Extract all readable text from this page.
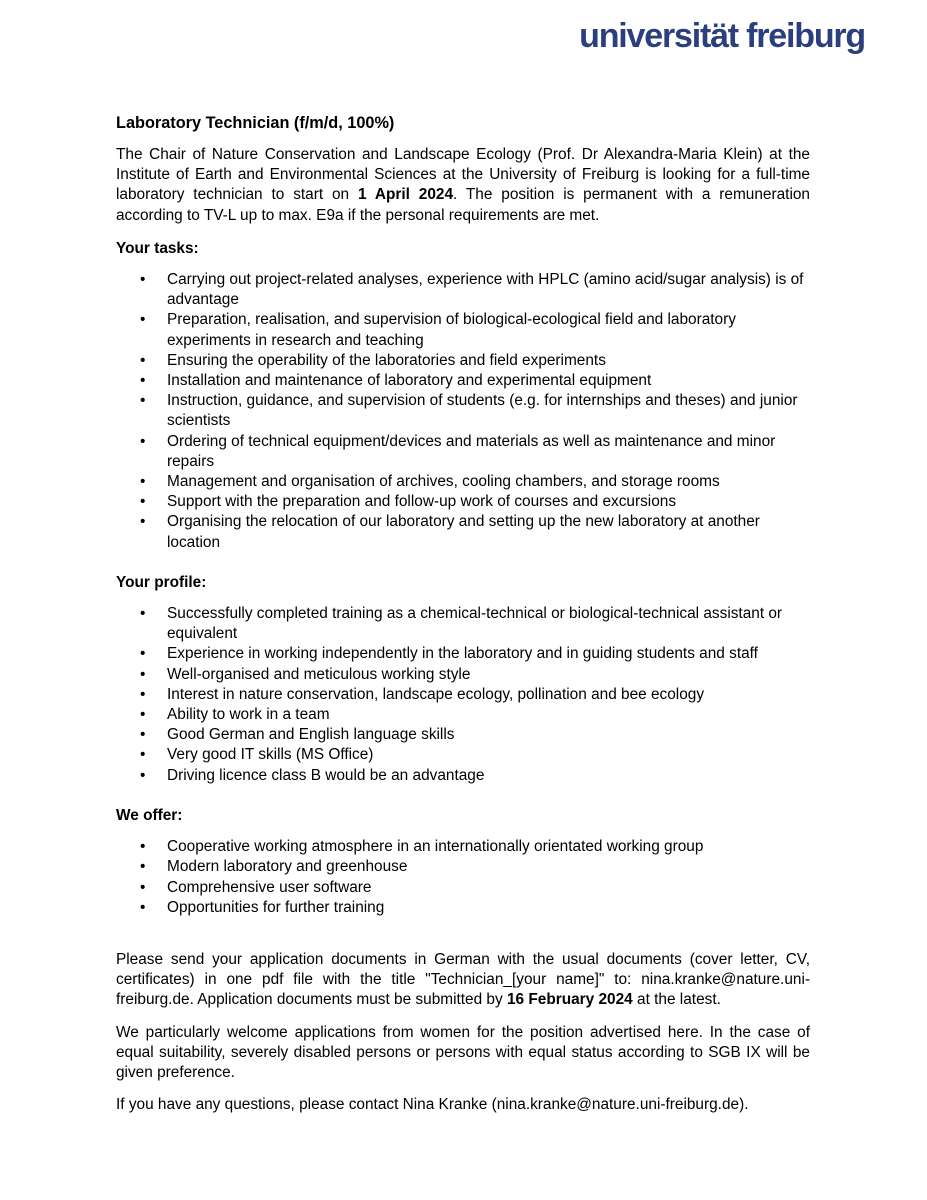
universität freiburg
Laboratory Technician (f/m/d, 100%)

The Chair of Nature Conservation and Landscape Ecology (Prof. Dr Alexandra-Maria Klein) at the Institute of Earth and Environmental Sciences at the University of Freiburg is looking for a full-time laboratory technician to start on 1 April 2024. The position is permanent with a remuneration according to TV-L up to max. E9a if the personal requirements are met.

Your tasks:
• Carrying out project-related analyses, experience with HPLC (amino acid/sugar analysis) is of advantage
• Preparation, realisation, and supervision of biological-ecological field and laboratory experiments in research and teaching
• Ensuring the operability of the laboratories and field experiments
• Installation and maintenance of laboratory and experimental equipment
• Instruction, guidance, and supervision of students (e.g. for internships and theses) and junior scientists
• Ordering of technical equipment/devices and materials as well as maintenance and minor repairs
• Management and organisation of archives, cooling chambers, and storage rooms
• Support with the preparation and follow-up work of courses and excursions
• Organising the relocation of our laboratory and setting up the new laboratory at another location
Your profile:
• Successfully completed training as a chemical-technical or biological-technical assistant or equivalent
• Experience in working independently in the laboratory and in guiding students and staff
• Well-organised and meticulous working style
• Interest in nature conservation, landscape ecology, pollination and bee ecology
• Ability to work in a team
• Good German and English language skills
• Very good IT skills (MS Office)
• Driving licence class B would be an advantage
We offer:
• Cooperative working atmosphere in an internationally orientated working group
• Modern laboratory and greenhouse
• Comprehensive user software
• Opportunities for further training

Please send your application documents in German with the usual documents (cover letter, CV, certificates) in one pdf file with the title "Technician_[your name]" to: nina.kranke@nature.uni-freiburg.de. Application documents must be submitted by 16 February 2024 at the latest.

We particularly welcome applications from women for the position advertised here. In the case of equal suitability, severely disabled persons or persons with equal status according to SGB IX will be given preference.

If you have any questions, please contact Nina Kranke (nina.kranke@nature.uni-freiburg.de).
